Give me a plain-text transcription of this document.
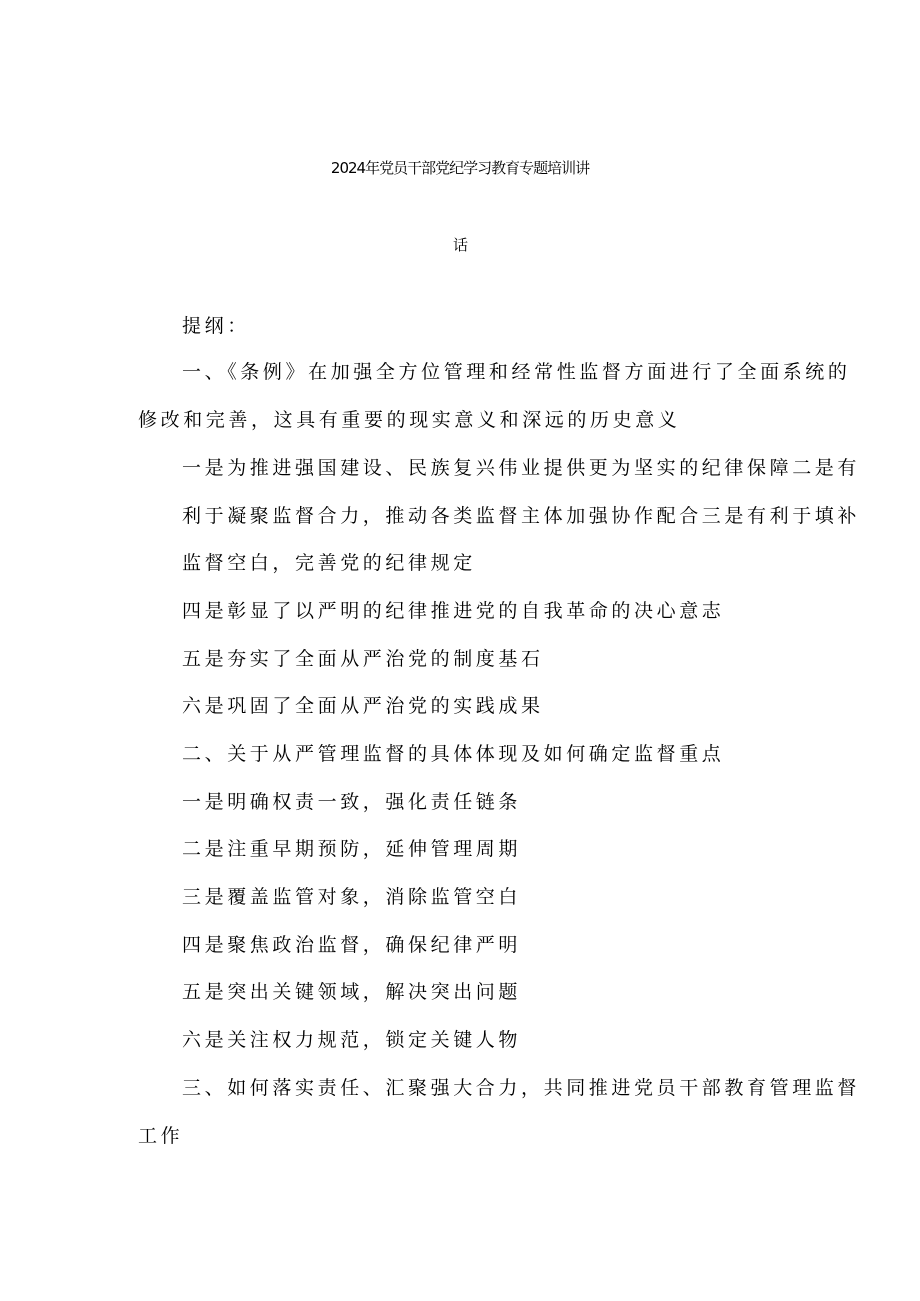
2024年党员干部党纪学习教育专题培训讲
话

提纲：

一、《条例》在加强全方位管理和经常性监督方面进行了全面系统的

修改和完善，这具有重要的现实意义和深远的历史意义

一是为推进强国建设、民族复兴伟业提供更为坚实的纪律保障二是有

利于凝聚监督合力，推动各类监督主体加强协作配合三是有利于填补

监督空白，完善党的纪律规定

四是彰显了以严明的纪律推进党的自我革命的决心意志

五是夯实了全面从严治党的制度基石

六是巩固了全面从严治党的实践成果

二、关于从严管理监督的具体体现及如何确定监督重点

一是明确权责一致，强化责任链条

二是注重早期预防，延伸管理周期

三是覆盖监管对象，消除监管空白

四是聚焦政治监督，确保纪律严明

五是突出关键领域，解决突出问题

六是关注权力规范，锁定关键人物

三、如何落实责任、汇聚强大合力，共同推进党员干部教育管理监督

工作
